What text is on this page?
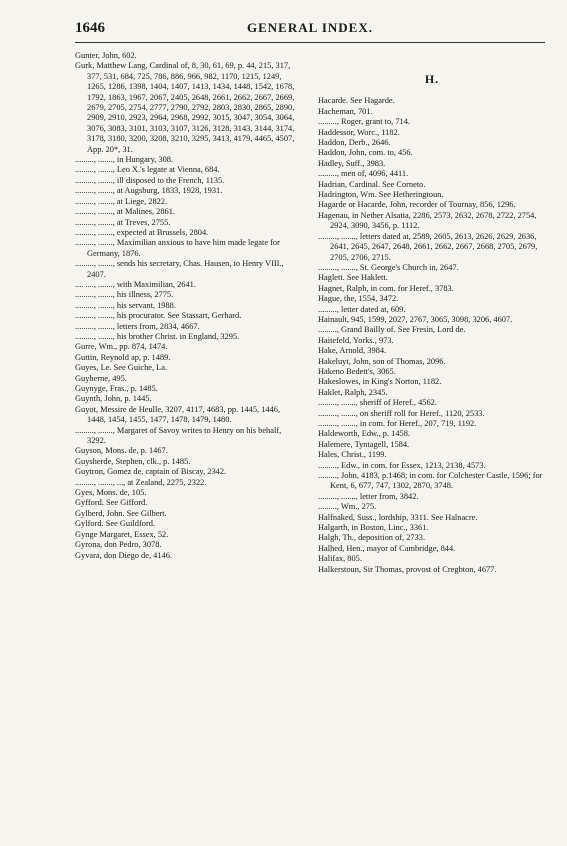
1646	GENERAL INDEX.

Gunter, John, 602.

Gurk, Matthew Lang, Cardinal of, 8, 30, 61, 69, p. 44, 215, 317, 377, 531, 684, 725, 786, 886, 966, 982, 1170, 1215, 1249, 1265, 1286, 1398, 1404, 1407, 1413, 1434, 1448, 1542, 1678, 1792, 1863, 1967, 2067, 2405, 2648, 2661, 2662, 2667, 2669, 2679, 2705, 2754, 2777, 2790, 2792, 2803, 2830, 2865, 2890, 2909, 2910, 2923, 2964, 2968, 2992, 3015, 3047, 3054, 3064, 3076, 3083, 3101, 3103, 3107, 3126, 3128, 3143, 3144, 3174, 3178, 3180, 3200, 3208, 3210, 3295, 3413, 4179, 4465, 4507, App. 20*, 31.

........., ......., in Hungary, 308.

........., ......., Leo X.'s legate at Vienna, 684.

........., ......., ill disposed to the French, 1135.

........., ......., at Augsburg, 1833, 1928, 1931.

........., ......., at Liege, 2822.

........., ......., at Malines, 2861.

........., ......., at Treves, 2755.

........., ......., expected at Brussels, 2804.

........., ......., Maximilian anxious to have him made legate for Germany, 1876.

........., ......., sends his secretary, Chas. Hausen, to Henry VIII., 2407.

.... ...., ......., with Maximilian, 2641.

........., ......., his illness, 2775.

........., ......., his servant, 1988.

........., ......., his procurator. See Stassart, Gerhard.

........., ......., letters from, 2834, 4667.

........., ......., his brother Christ. in England, 3295.

Gurre, Wm., pp. 874, 1474.

Guttin, Reynold ap, p. 1489.

Guyes, Le. See Guiche, La.

Guyherne, 495.

Guynyge, Fras., p. 1485.

Guynth, John, p. 1445.

Guyot, Messire de Heulle, 3207, 4117, 4683, pp. 1445, 1446, 1448, 1454, 1455, 1477, 1478, 1479, 1480.

........., ......., Margaret of Savoy writes to Henry on his behalf, 3292.

Guyson, Mons. de, p. 1467.

Guysherde, Stephen, clk., p. 1485.

Guytron, Gomez de, captain of Biscay, 2342.

........., ......., ..., at Zealand, 2275, 2322.

Gyes, Mons. de, 105.

Gyfford. See Gifford.

Gylberd, John. See Gilbert.

Gylford. See Guildford.

Gynge Margaret, Essex, 52.

Gyrona, don Pedro, 3078.

Gyvara, don Diego de, 4146.

H.

Hacarde. See Hagarde.

Hacheman, 701.

........., Roger, grant to, 714.

Haddessor, Worc., 1182.

Haddon, Derb., 2646.

Haddon, John, com. to, 456.

Hadley, Suff., 3983.

........., men of, 4096, 4411.

Hadrian, Cardinal. See Corneto.

Hadrington, Wm. See Hetheringtoun.

Hagarde or Hacarde, John, recorder of Tournay, 856, 1296.

Hagenau, in Nether Alsatia, 2286, 2573, 2632, 2678, 2722, 2754, 2924, 3090, 3456, p. 1112.

........., ......., letters dated at, 2589, 2605, 2613, 2626, 2629, 2636, 2641, 2645, 2647, 2648, 2661, 2662, 2667, 2668, 2705, 2679, 2705, 2706, 2715.

........., ......., St. George's Church in, 2647.

Haglett. See Haklett.

Hagnet, Ralph, in com. for Heref., 3783.

Hague, the, 1554, 3472.

........., letter dated at, 609.

Hainault, 945, 1599, 2027, 2767, 3065, 3098, 3206, 4607.

........., Grand Bailly of. See Fresin, Lord de.

Haitefeld, Yorks., 973.

Hake, Arnold, 3984.

Hakeluyt, John, son of Thomas, 2096.

Hakeno Bedett's, 3065.

Hakeslowes, in King's Norton, 1182.

Haklet, Ralph, 2345.

........., ......., sheriff of Heref., 4562.

........., ......., on sheriff roll for Heref., 1120, 2533.

........., ......., in com. for Heref., 207, 719, 1192.

Haldeworth, Edw., p. 1458.

Halemere, Tyntagell, 1584.

Hales, Christ., 1199.

........., Edw., in com. for Essex, 1213, 2138, 4573.

........., John, 4183, p.1468; in com. for Colchester Castle, 1596; for Kent, 6, 677, 747, 1302, 2870, 3748.

........., ......., letter from, 3842.

........., Wm., 275.

Halfnaked, Suss., lordship, 3311. See Halnacre.

Halgarth, in Boston, Linc., 3361.

Halgh, Th., deposition of, 2733.

Halhed, Hen., mayor of Cambridge, 844.

Halifax, 805.

Halkerstoun, Sir Thomas, provost of Cregbton, 4677.
